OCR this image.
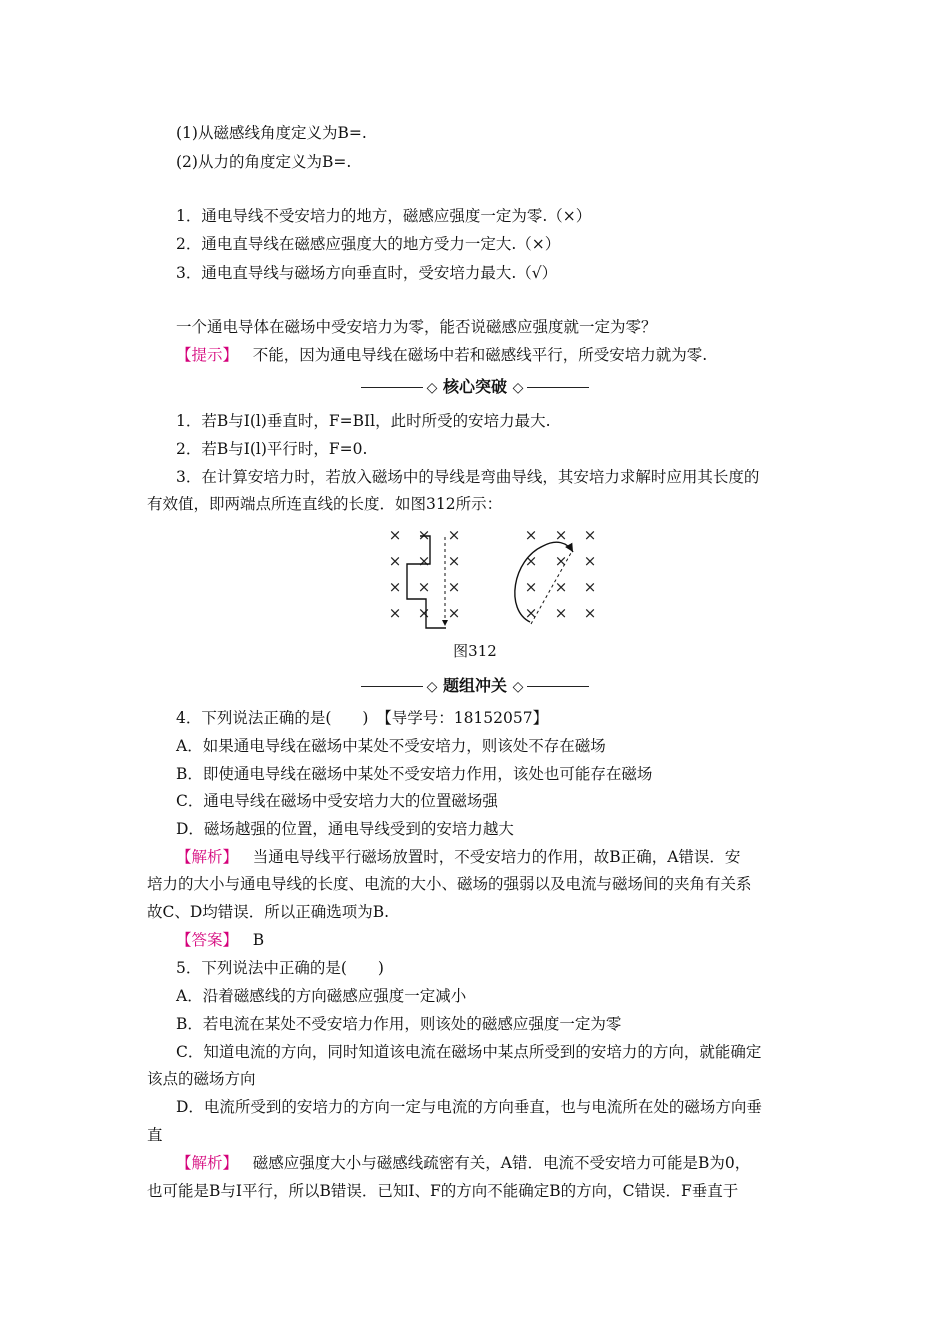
(1)从磁感线角度定义为B=.
(2)从力的角度定义为B=.
1．通电导线不受安培力的地方，磁感应强度一定为零.（×）
2．通电直导线在磁感应强度大的地方受力一定大.（×）
3．通电直导线与磁场方向垂直时，受安培力最大.（√）
一个通电导体在磁场中受安培力为零，能否说磁感应强度就一定为零？
【提示】 不能，因为通电导线在磁场中若和磁感线平行，所受安培力就为零.
◇ 核心突破 ◇
1．若B与I(l)垂直时，F=BIl，此时所受的安培力最大.
2．若B与I(l)平行时，F=0.
3．在计算安培力时，若放入磁场中的导线是弯曲导线，其安培力求解时应用其长度的
有效值，即两端点所连直线的长度．如图312所示：
× × ×
× × ×
× × ×
× × ×
× × ×
× × ×
× × ×
× × ×
图312
◇ 题组冲关 ◇
4．下列说法正确的是(　　)　【导学号：18152057】
A．如果通电导线在磁场中某处不受安培力，则该处不存在磁场
B．即使通电导线在磁场中某处不受安培力作用，该处也可能存在磁场
C．通电导线在磁场中受安培力大的位置磁场强
D．磁场越强的位置，通电导线受到的安培力越大
【解析】 当通电导线平行磁场放置时，不受安培力的作用，故B正确，A错误．安
培力的大小与通电导线的长度、电流的大小、磁场的强弱以及电流与磁场间的夹角有关系
故C、D均错误．所以正确选项为B.
【答案】 B
5．下列说法中正确的是(　　)
A．沿着磁感线的方向磁感应强度一定减小
B．若电流在某处不受安培力作用，则该处的磁感应强度一定为零
C．知道电流的方向，同时知道该电流在磁场中某点所受到的安培力的方向，就能确定
该点的磁场方向
D．电流所受到的安培力的方向一定与电流的方向垂直，也与电流所在处的磁场方向垂
直
【解析】 磁感应强度大小与磁感线疏密有关，A错．电流不受安培力可能是B为0，
也可能是B与I平行，所以B错误．已知I、F的方向不能确定B的方向，C错误．F垂直于
